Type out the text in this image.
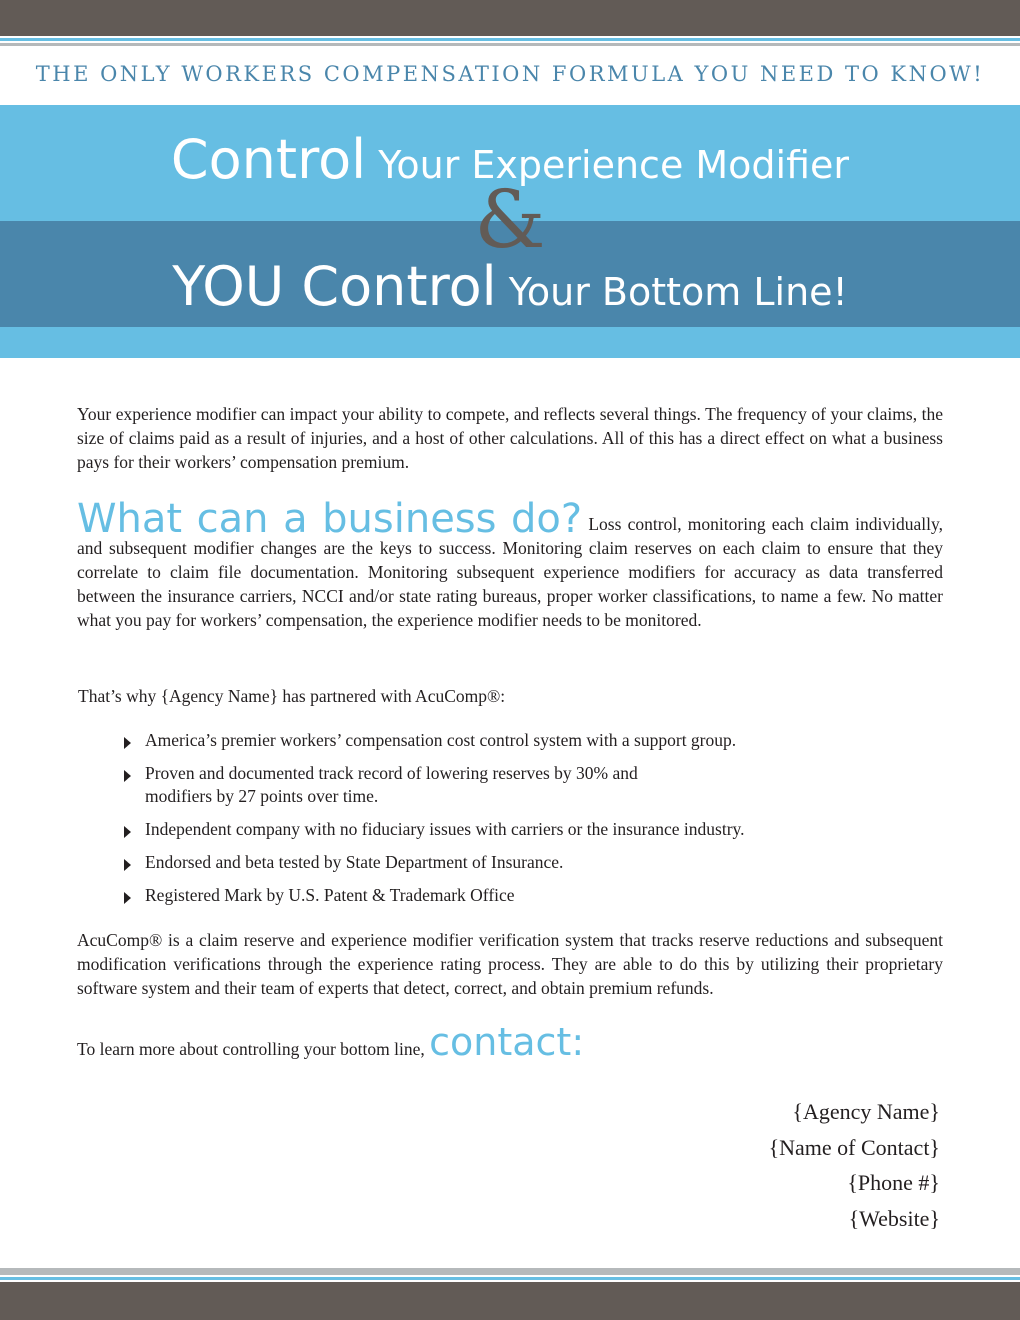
THE ONLY WORKERS COMPENSATION FORMULA YOU NEED TO KNOW!
Control Your Experience Modifier
&
YOU Control Your Bottom Line!

Your experience modifier can impact your ability to compete, and reflects several things. The frequency of your claims, the size of claims paid as a result of injuries, and a host of other calculations. All of this has a direct effect on what a business pays for their workers’ compensation premium.

What can a business do? Loss control, monitoring each claim individually, and subsequent modifier changes are the keys to success. Monitoring claim reserves on each claim to ensure that they correlate to claim file documentation. Monitoring subsequent experience modifiers for accuracy as data transferred between the insurance carriers, NCCI and/or state rating bureaus, proper worker classifications, to name a few. No matter what you pay for workers’ compensation, the experience modifier needs to be monitored.

That’s why {Agency Name} has partnered with AcuComp®:
America’s premier workers’ compensation cost control system with a support group.
Proven and documented track record of lowering reserves by 30% and
modifiers by 27 points over time.
Independent company with no fiduciary issues with carriers or the insurance industry.
Endorsed and beta tested by State Department of Insurance.
Registered Mark by U.S. Patent & Trademark Office

AcuComp® is a claim reserve and experience modifier verification system that tracks reserve reductions and subsequent modification verifications through the experience rating process. They are able to do this by utilizing their proprietary software system and their team of experts that detect, correct, and obtain premium refunds.

To learn more about controlling your bottom line, contact:
{Agency Name}
{Name of Contact}
{Phone #}
{Website}
